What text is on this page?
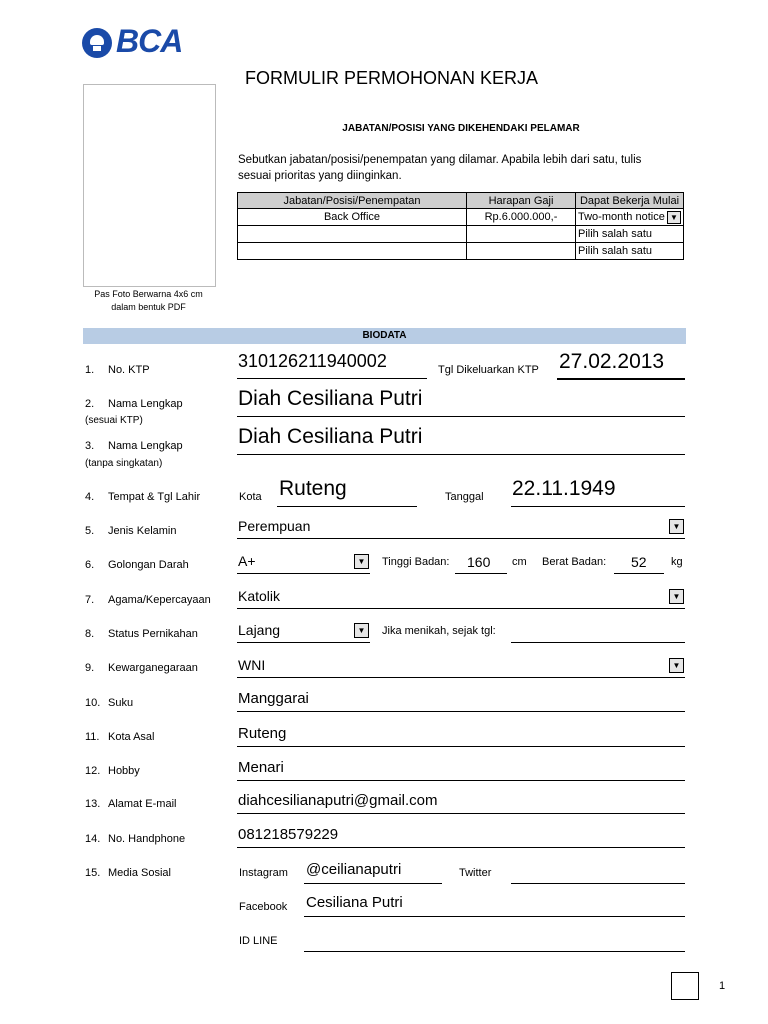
BCA
Pas Foto Berwarna 4x6 cm
dalam bentuk PDF
FORMULIR PERMOHONAN KERJA
JABATAN/POSISI YANG DIKEHENDAKI PELAMAR
Sebutkan jabatan/posisi/penempatan yang dilamar. Apabila lebih dari satu, tulis
sesuai prioritas yang diinginkan.
Jabatan/Posisi/Penempatan	Harapan Gaji	Dapat Bekerja Mulai
Back Office	Rp.6.000.000,-	Two-month notice ▼

		Pilih salah satu
		Pilih salah satu
BIODATA
1. No. KTP	310126211940002	Tgl Dikeluarkan KTP 27.02.2013
2. Nama Lengkap
(sesuai KTP)
Diah Cesiliana Putri
3. Nama Lengkap
(tanpa singkatan)
Diah Cesiliana Putri
4. Tempat & Tgl Lahir	Kota Ruteng	Tanggal 22.11.1949
5. Jenis Kelamin	Perempuan	▼
6. Golongan Darah	A+	▼	Tinggi Badan: 160 cm Berat Badan: 52 kg
7. Agama/Kepercayaan Katolik	▼
8. Status Pernikahan	Lajang	▼	Jika menikah, sejak tgl:
9. Kewarganegaraan	WNI	▼
10. Suku	Manggarai
11. Kota Asal	Ruteng
12. Hobby	Menari
13. Alamat E-mail	diahcesilianaputri@gmail.com
14. No. Handphone	081218579229
15. Media Sosial	Instagram @ceilianaputri	Twitter
Facebook Cesiliana Putri
ID LINE
1
